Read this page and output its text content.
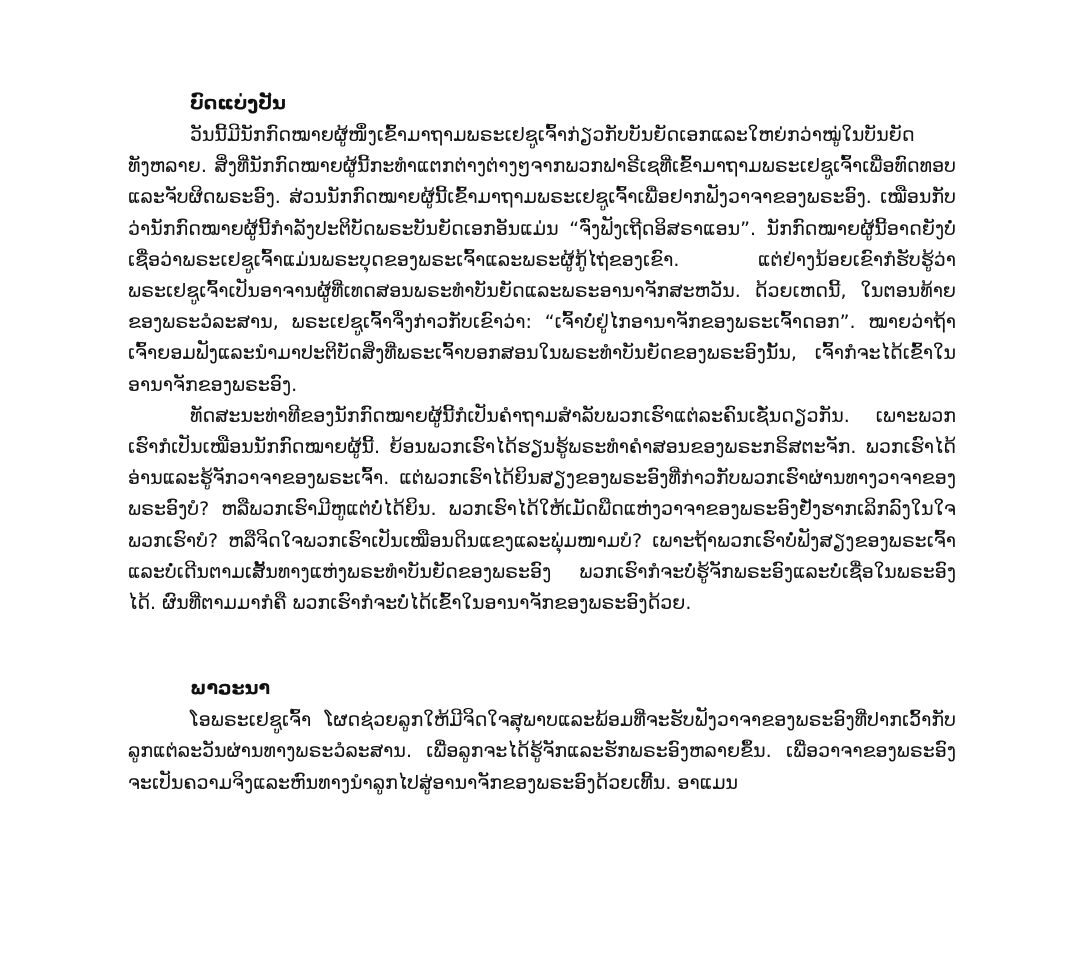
ບົດແບ່ງປັນ

ວັນນີ້ມີນັກກົດໝາຍຜູ້ໜຶ່ງເຂົ້າມາຖາມພຣະເຢຊູເຈົ້າກ່ຽວກັບບັນຍັດເອກແລະໃຫຍ່ກວ່າໝູ່ໃນບັນຍັດທັງຫລາຍ. ສິ່ງທີ່ນັກກົດໝາຍຜູ້ນີ້ກະທຳແຕກຕ່າງຕ່າງໆຈາກພວກຟາຣີເຊທີ່ເຂົ້າມາຖາມພຣະເຢຊູເຈົ້າເພື່ອທົດທອບແລະຈັບຜິດພຣະອົງ. ສ່ວນນັກກົດໝາຍຜູ້ນີ້ເຂົ້າມາຖາມພຣະເຢຊູເຈົ້າເພື່ອຢາກຟັງວາຈາຂອງພຣະອົງ. ເໝືອນກັບວ່ານັກກົດໝາຍຜູ້ນີ້ກຳລັງປະຕິບັດພຣະບັນຍັດເອກອັນແມ່ນ “ຈົ່ງຟັງເຖີດອິສຣາແອນ”. ນັກກົດໝາຍຜູ້ນີ້ອາດຍັງບໍ່ເຊື່ອວ່າພຣະເຢຊູເຈົ້າແມ່ນພຣະບຸດຂອງພຣະເຈົ້າແລະພຣະຜູ້ກູ້ໄຖ່ຂອງເຂົາ. ແຕ່ຢ່າງນ້ອຍເຂົາກໍຮັບຮູ້ວ່າ ພຣະເຢຊູເຈົ້າເປັນອາຈານຜູ້ທີ່ເທດສອນພຣະທຳບັນຍັດແລະພຣະອານາຈັກສະຫວັນ. ດ້ວຍເຫດນີ້, ໃນຕອນທ້າຍຂອງພຣະວໍລະສານ, ພຣະເຢຊູເຈົ້າຈຶ່ງກ່າວກັບເຂົາວ່າ: “ເຈົ້າບໍ່ຢູ່ໄກອານາຈັກຂອງພຣະເຈົ້າດອກ”. ໝາຍວ່າຖ້າເຈົ້າຍອມຟັງແລະນຳມາປະຕິບັດສິ່ງທີ່ພຣະເຈົ້າບອກສອນໃນພຣະທຳບັນຍັດຂອງພຣະອົງນັ້ນ, ເຈົ້າກໍຈະໄດ້ເຂົ້າໃນອານາຈັກຂອງພຣະອົງ.

ທັດສະນະທ່າທີຂອງນັກກົດໝາຍຜູ້ນີ້ກໍເປັນຄຳຖາມສຳລັບພວກເຮົາແຕ່ລະຄົນເຊັ່ນດຽວກັນ. ເພາະພວກເຮົາກໍເປັນເໝືອນນັກກົດໝາຍຜູ້ນີ້. ຍ້ອນພວກເຮົາໄດ້ຮຽນຮູ້ພຣະທຳຄຳສອນຂອງພຣະກຣິສຕະຈັກ. ພວກເຮົາໄດ້ອ່ານແລະຮູ້ຈັກວາຈາຂອງພຣະເຈົ້າ. ແຕ່ພວກເຮົາໄດ້ຍິນສຽງຂອງພຣະອົງທີ່ກ່າວກັບພວກເຮົາຜ່ານທາງວາຈາຂອງພຣະອົງບໍ? ຫລືພວກເຮົາມີຫູແຕ່ບໍ່ໄດ້ຍິນ. ພວກເຮົາໄດ້ໃຫ້ເມັດພືດແຫ່ງວາຈາຂອງພຣະອົງຢັ່ງຮາກເລິກລົງໃນໃຈພວກເຮົາບໍ? ຫລືຈິດໃຈພວກເຮົາເປັນເໝືອນດິນແຂງແລະພຸ່ມໜາມບໍ? ເພາະຖ້າພວກເຮົາບໍ່ຟັງສຽງຂອງພຣະເຈົ້າແລະບໍ່ເດີນຕາມເສັ້ນທາງແຫ່ງພຣະທຳບັນຍັດຂອງພຣະອົງ ພວກເຮົາກໍຈະບໍ່ຮູ້ຈັກພຣະອົງແລະບໍ່ເຊື່ອໃນພຣະອົງໄດ້. ຜົນທີ່ຕາມມາກໍຄື ພວກເຮົາກໍຈະບໍ່ໄດ້ເຂົ້າໃນອານາຈັກຂອງພຣະອົງດ້ວຍ.

ພາວະນາ

ໂອພຣະເຢຊູເຈົ້າ ໂຜດຊ່ວຍລູກໃຫ້ມີຈິດໃຈສຸພາບແລະພ້ອມທີ່ຈະຮັບຟັງວາຈາຂອງພຣະອົງທີ່ປາກເວົ້າກັບລູກແຕ່ລະວັນຜ່ານທາງພຣະວໍລະສານ. ເພື່ອລູກຈະໄດ້ຮູ້ຈັກແລະຮັກພຣະອົງຫລາຍຂຶ້ນ. ເພື່ອວາຈາຂອງພຣະອົງຈະເປັນຄວາມຈິງແລະຫົນທາງນຳລູກໄປສູ່ອານາຈັກຂອງພຣະອົງດ້ວຍເທີ້ນ. ອາແມນ
